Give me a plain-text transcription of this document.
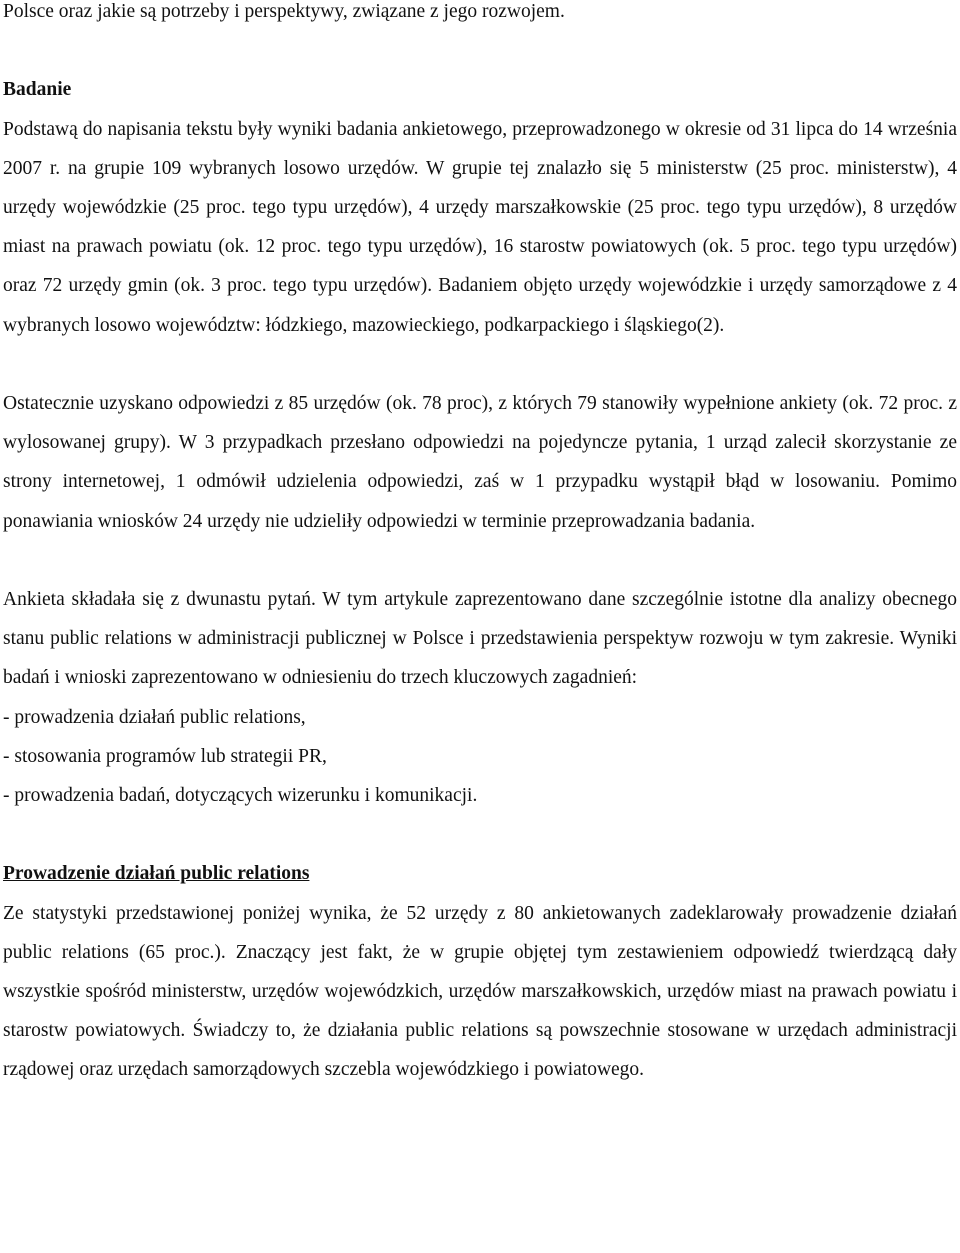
Polsce oraz jakie są potrzeby i perspektywy, związane z jego rozwojem.

Badanie

Podstawą do napisania tekstu były wyniki badania ankietowego, przeprowadzonego w okresie od 31 lipca do 14 września 2007 r. na grupie 109 wybranych losowo urzędów. W grupie tej znalazło się 5 ministerstw (25 proc. ministerstw), 4 urzędy wojewódzkie (25 proc. tego typu urzędów), 4 urzędy marszałkowskie (25 proc. tego typu urzędów), 8 urzędów miast na prawach powiatu (ok. 12 proc. tego typu urzędów), 16 starostw powiatowych (ok. 5 proc. tego typu urzędów) oraz 72 urzędy gmin (ok. 3 proc. tego typu urzędów). Badaniem objęto urzędy wojewódzkie i urzędy samorządowe z 4 wybranych losowo województw: łódzkiego, mazowieckiego, podkarpackiego i śląskiego(2).

Ostatecznie uzyskano odpowiedzi z 85 urzędów (ok. 78 proc), z których 79 stanowiły wypełnione ankiety (ok. 72 proc. z wylosowanej grupy). W 3 przypadkach przesłano odpowiedzi na pojedyncze pytania, 1 urząd zalecił skorzystanie ze strony internetowej, 1 odmówił udzielenia odpowiedzi, zaś w 1 przypadku wystąpił błąd w losowaniu. Pomimo ponawiania wniosków 24 urzędy nie udzieliły odpowiedzi w terminie przeprowadzania badania.

Ankieta składała się z dwunastu pytań. W tym artykule zaprezentowano dane szczególnie istotne dla analizy obecnego stanu public relations w administracji publicznej w Polsce i przedstawienia perspektyw rozwoju w tym zakresie. Wyniki badań i wnioski zaprezentowano w odniesieniu do trzech kluczowych zagadnień:

- prowadzenia działań public relations,

- stosowania programów lub strategii PR,

- prowadzenia badań, dotyczących wizerunku i komunikacji.

Prowadzenie działań public relations

Ze statystyki przedstawionej poniżej wynika, że 52 urzędy z 80 ankietowanych zadeklarowały prowadzenie działań public relations (65 proc.). Znaczący jest fakt, że w grupie objętej tym zestawieniem odpowiedź twierdzącą dały wszystkie spośród ministerstw, urzędów wojewódzkich, urzędów marszałkowskich, urzędów miast na prawach powiatu i starostw powiatowych. Świadczy to, że działania public relations są powszechnie stosowane w urzędach administracji rządowej oraz urzędach samorządowych szczebla wojewódzkiego i powiatowego.
